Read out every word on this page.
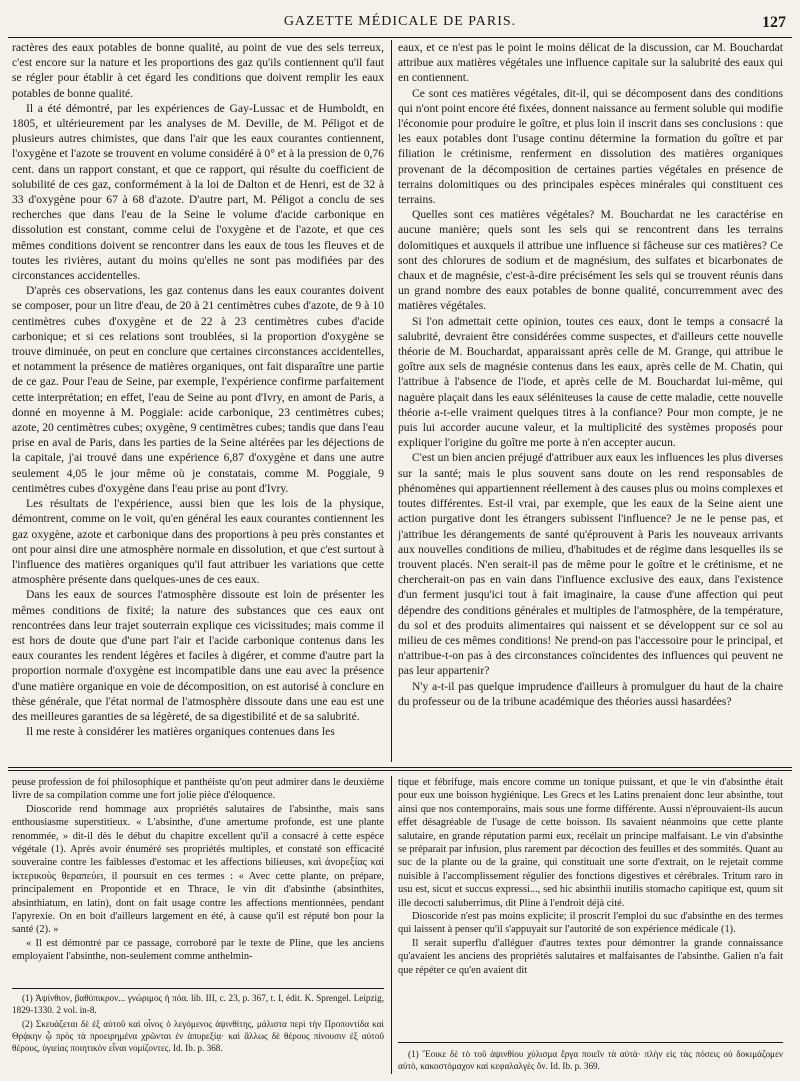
GAZETTE MÉDICALE DE PARIS.	127

ractères des eaux potables de bonne qualité, au point de vue des sels terreux, c'est encore sur la nature et les proportions des gaz qu'ils contiennent qu'il faut se régler pour établir à cet égard les conditions que doivent remplir les eaux potables de bonne qualité.

Il a été démontré, par les expériences de Gay-Lussac et de Humboldt, en 1805, et ultérieurement par les analyses de M. Deville, de M. Péligot et de plusieurs autres chimistes, que dans l'air que les eaux courantes contiennent, l'oxygène et l'azote se trouvent en volume considéré à 0° et à la pression de 0,76 cent. dans un rapport constant, et que ce rapport, qui résulte du coefficient de solubilité de ces gaz, conformément à la loi de Dalton et de Henri, est de 32 à 33 d'oxygène pour 67 à 68 d'azote. D'autre part, M. Péligot a conclu de ses recherches que dans l'eau de la Seine le volume d'acide carbonique en dissolution est constant, comme celui de l'oxygène et de l'azote, et que ces mêmes conditions doivent se rencontrer dans les eaux de tous les fleuves et de toutes les rivières, autant du moins qu'elles ne sont pas modifiées par des circonstances accidentelles.

D'après ces observations, les gaz contenus dans les eaux courantes doivent se composer, pour un litre d'eau, de 20 à 21 centimètres cubes d'azote, de 9 à 10 centimètres cubes d'oxygène et de 22 à 23 centimètres cubes d'acide carbonique; et si ces relations sont troublées, si la proportion d'oxygène se trouve diminuée, on peut en conclure que certaines circonstances accidentelles, et notamment la présence de matières organiques, ont fait disparaître une partie de ce gaz. Pour l'eau de Seine, par exemple, l'expérience confirme parfaitement cette interprétation; en effet, l'eau de Seine au pont d'Ivry, en amont de Paris, a donné en moyenne à M. Poggiale: acide carbonique, 23 centimètres cubes; azote, 20 centimètres cubes; oxygène, 9 centimètres cubes; tandis que dans l'eau prise en aval de Paris, dans les parties de la Seine altérées par les déjections de la capitale, j'ai trouvé dans une expérience 6,87 d'oxygène et dans une autre seulement 4,05 le jour même où je constatais, comme M. Poggiale, 9 centimètres cubes d'oxygène dans l'eau prise au pont d'Ivry.

Les résultats de l'expérience, aussi bien que les lois de la physique, démontrent, comme on le voit, qu'en général les eaux courantes contiennent les gaz oxygène, azote et carbonique dans des proportions à peu près constantes et ont pour ainsi dire une atmosphère normale en dissolution, et que c'est surtout à l'influence des matières organiques qu'il faut attribuer les variations que cette atmosphère présente dans quelques-unes de ces eaux.

Dans les eaux de sources l'atmosphère dissoute est loin de présenter les mêmes conditions de fixité; la nature des substances que ces eaux ont rencontrées dans leur trajet souterrain explique ces vicissitudes; mais comme il est hors de doute que d'une part l'air et l'acide carbonique contenus dans les eaux courantes les rendent légères et faciles à digérer, et comme d'autre part la proportion normale d'oxygène est incompatible dans une eau avec la présence d'une matière organique en voie de décomposition, on est autorisé à conclure en thèse générale, que l'état normal de l'atmosphère dissoute dans une eau est une des meilleures garanties de sa légèreté, de sa digestibilité et de sa salubrité.

Il me reste à considérer les matières organiques contenues dans les

eaux, et ce n'est pas le point le moins délicat de la discussion, car M. Bouchardat attribue aux matières végétales une influence capitale sur la salubrité des eaux qui en contiennent.

Ce sont ces matières végétales, dit-il, qui se décomposent dans des conditions qui n'ont point encore été fixées, donnent naissance au ferment soluble qui modifie l'économie pour produire le goître, et plus loin il inscrit dans ses conclusions : que les eaux potables dont l'usage continu détermine la formation du goître et par filiation le crétinisme, renferment en dissolution des matières organiques provenant de la décomposition de certaines parties végétales en présence de terrains dolomitiques ou des principales espèces minérales qui constituent ces terrains.

Quelles sont ces matières végétales? M. Bouchardat ne les caractérise en aucune manière; quels sont les sels qui se rencontrent dans les terrains dolomitiques et auxquels il attribue une influence si fâcheuse sur ces matières? Ce sont des chlorures de sodium et de magnésium, des sulfates et bicarbonates de chaux et de magnésie, c'est-à-dire précisément les sels qui se trouvent réunis dans un grand nombre des eaux potables de bonne qualité, concurremment avec des matières végétales.

Si l'on admettait cette opinion, toutes ces eaux, dont le temps a consacré la salubrité, devraient être considérées comme suspectes, et d'ailleurs cette nouvelle théorie de M. Bouchardat, apparaissant après celle de M. Grange, qui attribue le goître aux sels de magnésie contenus dans les eaux, après celle de M. Chatin, qui l'attribue à l'absence de l'iode, et après celle de M. Bouchardat lui-même, qui naguère plaçait dans les eaux séléniteuses la cause de cette maladie, cette nouvelle théorie a-t-elle vraiment quelques titres à la confiance? Pour mon compte, je ne puis lui accorder aucune valeur, et la multiplicité des systèmes proposés pour expliquer l'origine du goître me porte à n'en accepter aucun.

C'est un bien ancien préjugé d'attribuer aux eaux les influences les plus diverses sur la santé; mais le plus souvent sans doute on les rend responsables de phénomènes qui appartiennent réellement à des causes plus ou moins complexes et toutes différentes. Est-il vrai, par exemple, que les eaux de la Seine aient une action purgative dont les étrangers subissent l'influence? Je ne le pense pas, et j'attribue les dérangements de santé qu'éprouvent à Paris les nouveaux arrivants aux nouvelles conditions de milieu, d'habitudes et de régime dans lesquelles ils se trouvent placés. N'en serait-il pas de même pour le goître et le crétinisme, et ne chercherait-on pas en vain dans l'influence exclusive des eaux, dans l'existence d'un ferment jusqu'ici tout à fait imaginaire, la cause d'une affection qui peut dépendre des conditions générales et multiples de l'atmosphère, de la température, du sol et des produits alimentaires qui naissent et se développent sur ce sol au milieu de ces mêmes conditions! Ne prend-on pas l'accessoire pour le principal, et n'attribue-t-on pas à des circonstances coïncidentes des influences qui peuvent ne pas leur appartenir?

N'y a-t-il pas quelque imprudence d'ailleurs à promulguer du haut de la chaire du professeur ou de la tribune académique des théories aussi hasardées?

peuse profession de foi philosophique et panthéiste qu'on peut admirer dans le deuxième livre de sa compilation comme une fort jolie pièce d'éloquence.

Dioscoride rend hommage aux propriétés salutaires de l'absinthe, mais sans enthousiasme superstitieux. « L'absinthe, d'une amertume profonde, est une plante renommée, » dit-il dès le début du chapitre excellent qu'il a consacré à cette espèce végétale (1). Après avoir énuméré ses propriétés multiples, et constaté son efficacité souveraine contre les faiblesses d'estomac et les affections bilieuses, καὶ ἀνορεξίας καὶ ἰκτερικοὺς θεραπεύει, il poursuit en ces termes : « Avec cette plante, on prépare, principalement en Propontide et en Thrace, le vin dit d'absinthe (absinthites, absinthiatum, en latin), dont on fait usage contre les affections mentionnées, pendant l'apyrexie. On en boit d'ailleurs largement en été, à cause qu'il est réputé bon pour la santé (2). »

« Il est démontré par ce passage, corroboré par le texte de Pline, que les anciens employaient l'absinthe, non-seulement comme anthelmin-

tique et fébrifuge, mais encore comme un tonique puissant, et que le vin d'absinthe était pour eux une boisson hygiénique. Les Grecs et les Latins prenaient donc leur absinthe, tout ainsi que nos contemporains, mais sous une forme différente. Aussi n'éprouvaient-ils aucun effet désagréable de l'usage de cette boisson. Ils savaient néanmoins que cette plante salutaire, en grande réputation parmi eux, recélait un principe malfaisant. Le vin d'absinthe se préparait par infusion, plus rarement par décoction des feuilles et des sommités. Quant au suc de la plante ou de la graine, qui constituait une sorte d'extrait, on le rejetait comme nuisible à l'accomplissement régulier des fonctions digestives et cérébrales. Tritum raro in usu est, sicut et succus expressi..., sed hic absinthii inutilis stomacho capitique est, quum sit ille decocti saluberrimus, dit Pline à l'endroit déjà cité.

Dioscoride n'est pas moins explicite; il proscrit l'emploi du suc d'absinthe en des termes qui laissent à penser qu'il s'appuyait sur l'autorité de son expérience médicale (1).

Il serait superflu d'alléguer d'autres textes pour démontrer la grande connaissance qu'avaient les anciens des propriétés salutaires et malfaisantes de l'absinthe. Galien n'a fait que répéter ce qu'en avaient dit

(1) Ἀψίνθιον, βαθύπικρον... γνώριμος ἡ πόα. lib. III, c. 23, p. 367, t. I, édit. K. Sprengel. Leipzig, 1829-1330. 2 vol. in-8.

(2) Σκευάζεται δὲ ἐξ αὐτοῦ καὶ οἶνος ὁ λεγόμενος ἀψινθίτης, μάλιστα περὶ τὴν Προποντίδα καὶ Θρᾴκην ᾧ πρὸς τὰ προειρημένα χρῶνται ἐν ἀπυρεξίᾳ· καὶ ἄλλως δὲ θέρους πίνουσιν ἐξ αὐτοῦ θέρους, ὑγιείας ποιητικὸν εἶναι νομίζοντες. Id. Ib. p. 368.

(1) Ἔοικε δὲ τὸ τοῦ ἀψινθίου χύλισμα ἔργα ποιεῖν τὰ αὐτὰ· πλὴν εἰς τὰς πόσεις οὐ δοκιμάζομεν αὐτὸ, κακοστόμαχον καὶ κεφαλαλγὲς ὄν. Id. Ib. p. 369.
